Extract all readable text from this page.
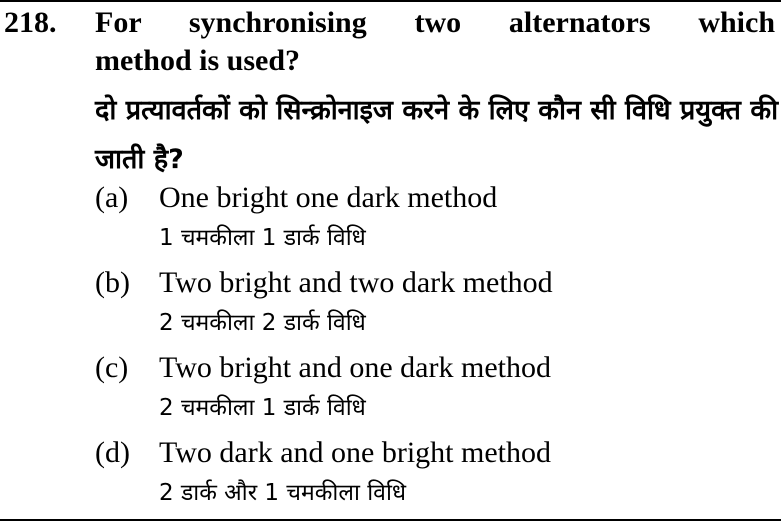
218. For synchronising two alternators which
method is used?
दो प्रत्यावर्तकों को सिन्क्रोनाइज करने के लिए कौन सी विधि प्रयुक्त की जाती है?
(a) One bright one dark method
1 चमकीला 1 डार्क विधि
(b) Two bright and two dark method
2 चमकीला 2 डार्क विधि
(c) Two bright and one dark method
2 चमकीला 1 डार्क विधि
(d) Two dark and one bright method
2 डार्क और 1 चमकीला विधि
